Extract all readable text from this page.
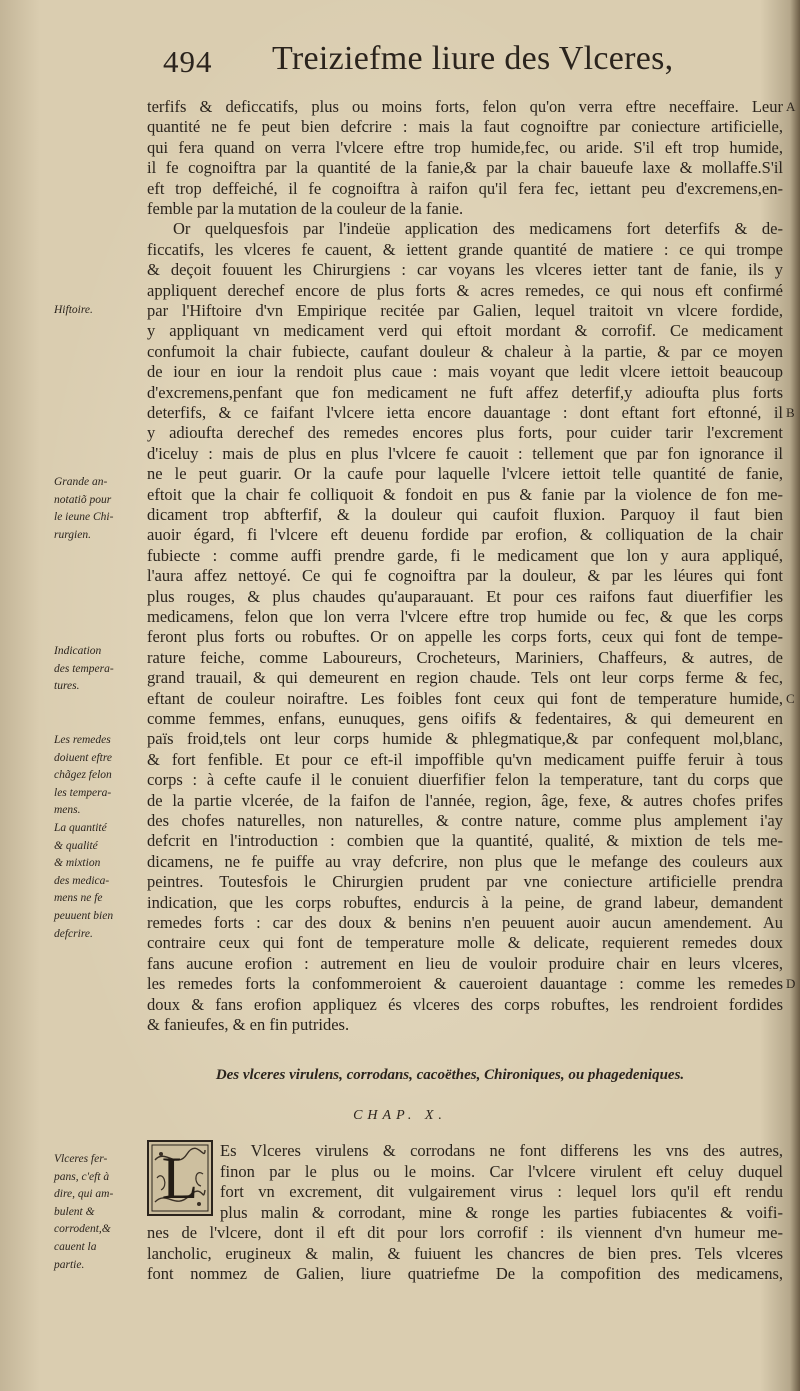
494 Treiziefme liure des Vlceres,
Des vlceres virulens, corrodans, cacoëthes, Chironiques, ou phagedeniques.
CHAP. X.
L
terfifs & deficcatifs, plus ou moins forts, felon qu'on verra eftre neceffaire. Leur
quantité ne fe peut bien defcrire : mais la faut cognoiftre par coniecture artificielle,
qui fera quand on verra l'vlcere eftre trop humide,fec, ou aride. S'il eft trop humide,
il fe cognoiftra par la quantité de la fanie,& par la chair baueufe laxe & mollaffe.S'il
eft trop deffeiché, il fe cognoiftra à raifon qu'il fera fec, iettant peu d'excremens,en-
femble par la mutation de la couleur de la fanie.
Or quelquesfois par l'indeüe application des medicamens fort deterfifs & de-
ficcatifs, les vlceres fe cauent, & iettent grande quantité de matiere : ce qui trompe
& deçoit fouuent les Chirurgiens : car voyans les vlceres ietter tant de fanie, ils y
appliquent derechef encore de plus forts & acres remedes, ce qui nous eft confirmé
par l'Hiftoire d'vn Empirique recitée par Galien, lequel traitoit vn vlcere fordide,
y appliquant vn medicament verd qui eftoit mordant & corrofif. Ce medicament
confumoit la chair fubiecte, caufant douleur & chaleur à la partie, & par ce moyen
de iour en iour la rendoit plus caue : mais voyant que ledit vlcere iettoit beaucoup
d'excremens,penfant que fon medicament ne fuft affez deterfif,y adioufta plus forts
deterfifs, & ce faifant l'vlcere ietta encore dauantage : dont eftant fort eftonné, il
y adioufta derechef des remedes encores plus forts, pour cuider tarir l'excrement
d'iceluy : mais de plus en plus l'vlcere fe cauoit : tellement que par fon ignorance il
ne le peut guarir. Or la caufe pour laquelle l'vlcere iettoit telle quantité de fanie,
eftoit que la chair fe colliquoit & fondoit en pus & fanie par la violence de fon me-
dicament trop abfterfif, & la douleur qui caufoit fluxion. Parquoy il faut bien
auoir égard, fi l'vlcere eft deuenu fordide par erofion, & colliquation de la chair
fubiecte : comme auffi prendre garde, fi le medicament que lon y aura appliqué,
l'aura affez nettoyé. Ce qui fe cognoiftra par la douleur, & par les léures qui font
plus rouges, & plus chaudes qu'auparauant. Et pour ces raifons faut diuerfifier les
medicamens, felon que lon verra l'vlcere eftre trop humide ou fec, & que les corps
feront plus forts ou robuftes. Or on appelle les corps forts, ceux qui font de tempe-
rature feiche, comme Laboureurs, Crocheteurs, Mariniers, Chaffeurs, & autres, de
grand trauail, & qui demeurent en region chaude. Tels ont leur corps ferme & fec,
eftant de couleur noiraftre. Les foibles font ceux qui font de temperature humide,
comme femmes, enfans, eunuques, gens oififs & fedentaires, & qui demeurent en
païs froid,tels ont leur corps humide & phlegmatique,& par confequent mol,blanc,
& fort fenfible. Et pour ce eft-il impoffible qu'vn medicament puiffe feruir à tous
corps : à cefte caufe il le conuient diuerfifier felon la temperature, tant du corps que
de la partie vlcerée, de la faifon de l'année, region, âge, fexe, & autres chofes prifes
des chofes naturelles, non naturelles, & contre nature, comme plus amplement i'ay
defcrit en l'introduction : combien que la quantité, qualité, & mixtion de tels me-
dicamens, ne fe puiffe au vray defcrire, non plus que le mefange des couleurs aux
peintres. Toutesfois le Chirurgien prudent par vne coniecture artificielle prendra
indication, que les corps robuftes, endurcis à la peine, de grand labeur, demandent
remedes forts : car des doux & benins n'en peuuent auoir aucun amendement. Au
contraire ceux qui font de temperature molle & delicate, requierent remedes doux
fans aucune erofion : autrement en lieu de vouloir produire chair en leurs vlceres,
les remedes forts la confommeroient & caueroient dauantage : comme les remedes
doux & fans erofion appliquez és vlceres des corps robuftes, les rendroient fordides
& fanieufes, & en fin putrides.
A
B
C
D
Hiftoire.
Grande an-
notatiõ pour
le ieune Chi-
rurgien.
Indication
des tempera-
tures.
Les remedes
doiuent eftre
chãgez felon
les tempera-
mens.
La quantité
& qualité
& mixtion
des medica-
mens ne fe
peuuent bien
defcrire.
Vlceres fer-
pans, c'eft à
dire, qui am-
bulent &
corrodent,&
cauent la
partie.
Es Vlceres virulens & corrodans ne font differens les vns des autres,
finon par le plus ou le moins. Car l'vlcere virulent eft celuy duquel
fort vn excrement, dit vulgairement virus : lequel lors qu'il eft rendu
plus malin & corrodant, mine & ronge les parties fubiacentes & voifi-
nes de l'vlcere, dont il eft dit pour lors corrofif : ils viennent d'vn humeur me-
lancholic, erugineux & malin, & fuiuent les chancres de bien pres. Tels vlceres
font nommez de Galien, liure quatriefme De la compofition des medicamens,
